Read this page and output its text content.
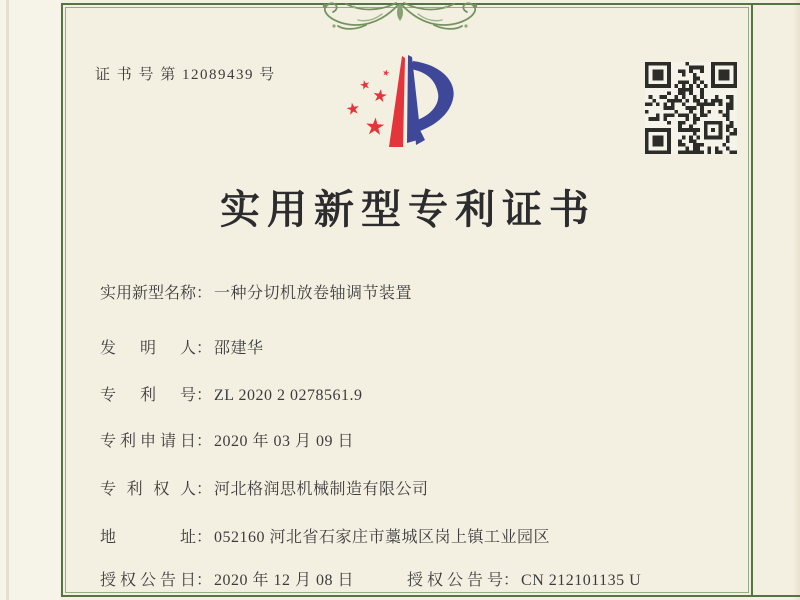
证 书 号 第 12089439 号
实用新型专利证书
实用新型名称： 一种分切机放卷轴调节装置
发明人： 邵建华
专利号： ZL 2020 2 0278561.9
专利申请日： 2020 年 03 月 09 日
专利权人： 河北格润思机械制造有限公司
地址： 052160 河北省石家庄市藁城区岗上镇工业园区
授权公告日： 2020 年 12 月 08 日	授权公告号： CN 212101135 U
